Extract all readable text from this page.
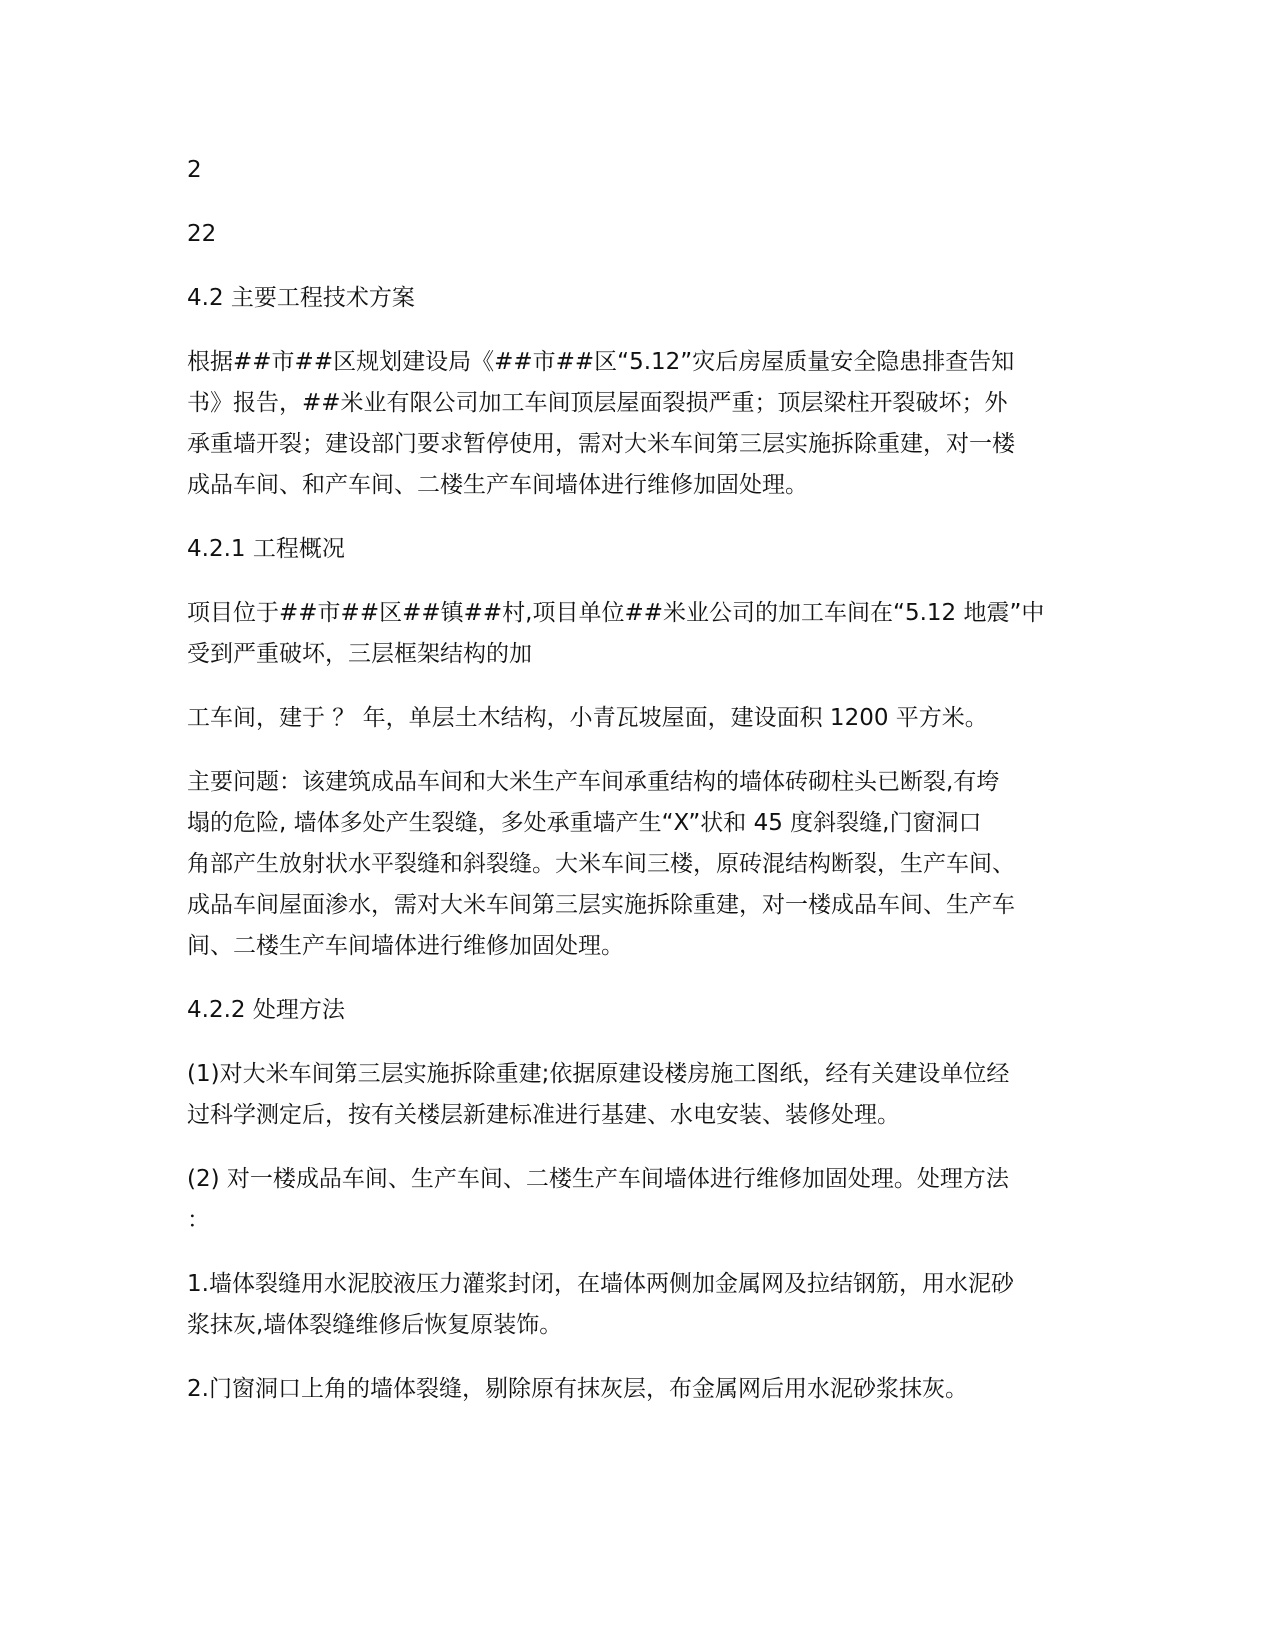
2

22

4.2 主要工程技术方案

根据##市##区规划建设局《##市##区“5.12”灾后房屋质量安全隐患排查告知
书》报告，##米业有限公司加工车间顶层屋面裂损严重；顶层梁柱开裂破坏；外
承重墙开裂；建设部门要求暂停使用，需对大米车间第三层实施拆除重建，对一楼
成品车间、和产车间、二楼生产车间墙体进行维修加固处理。

4.2.1 工程概况

项目位于##市##区##镇##村,项目单位##米业公司的加工车间在“5.12 地震”中
受到严重破坏，三层框架结构的加

工车间，建于 ？ 年，单层土木结构，小青瓦坡屋面，建设面积 1200 平方米。

主要问题：该建筑成品车间和大米生产车间承重结构的墙体砖砌柱头已断裂,有垮
塌的危险, 墙体多处产生裂缝，多处承重墙产生“X”状和 45 度斜裂缝,门窗洞口
角部产生放射状水平裂缝和斜裂缝。大米车间三楼，原砖混结构断裂，生产车间、
成品车间屋面渗水，需对大米车间第三层实施拆除重建，对一楼成品车间、生产车
间、二楼生产车间墙体进行维修加固处理。

4.2.2 处理方法

(1)对大米车间第三层实施拆除重建;依据原建设楼房施工图纸，经有关建设单位经
过科学测定后，按有关楼层新建标准进行基建、水电安装、装修处理。

(2) 对一楼成品车间、生产车间、二楼生产车间墙体进行维修加固处理。处理方法
：

1.墙体裂缝用水泥胶液压力灌浆封闭，在墙体两侧加金属网及拉结钢筋，用水泥砂
浆抹灰,墙体裂缝维修后恢复原装饰。

2.门窗洞口上角的墙体裂缝，剔除原有抹灰层，布金属网后用水泥砂浆抹灰。
